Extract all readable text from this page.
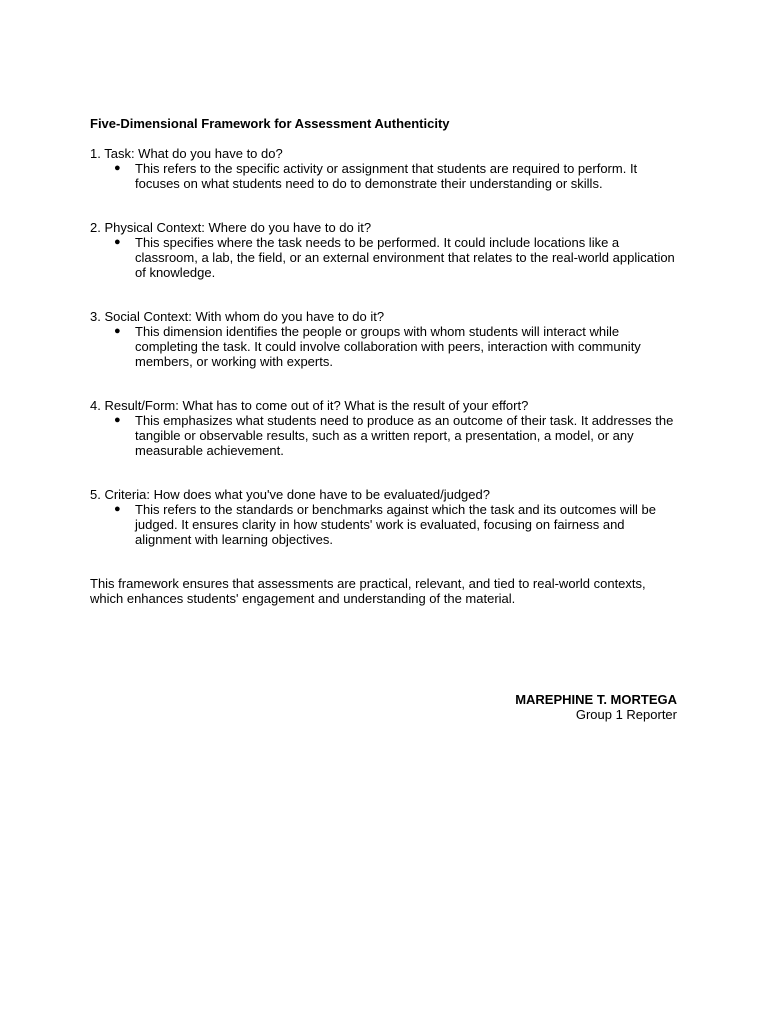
Five-Dimensional Framework for Assessment Authenticity
1. Task: What do you have to do?
● This refers to the specific activity or assignment that students are required to perform. It focuses on what students need to do to demonstrate their understanding or skills.
2. Physical Context: Where do you have to do it?
● This specifies where the task needs to be performed. It could include locations like a classroom, a lab, the field, or an external environment that relates to the real-world application of knowledge.
3. Social Context: With whom do you have to do it?
● This dimension identifies the people or groups with whom students will interact while completing the task. It could involve collaboration with peers, interaction with community members, or working with experts.
4. Result/Form: What has to come out of it? What is the result of your effort?
● This emphasizes what students need to produce as an outcome of their task. It addresses the tangible or observable results, such as a written report, a presentation, a model, or any measurable achievement.
5. Criteria: How does what you've done have to be evaluated/judged?
● This refers to the standards or benchmarks against which the task and its outcomes will be judged. It ensures clarity in how students' work is evaluated, focusing on fairness and alignment with learning objectives.
This framework ensures that assessments are practical, relevant, and tied to real-world contexts, which enhances students' engagement and understanding of the material.
MAREPHINE T. MORTEGA
Group 1 Reporter
